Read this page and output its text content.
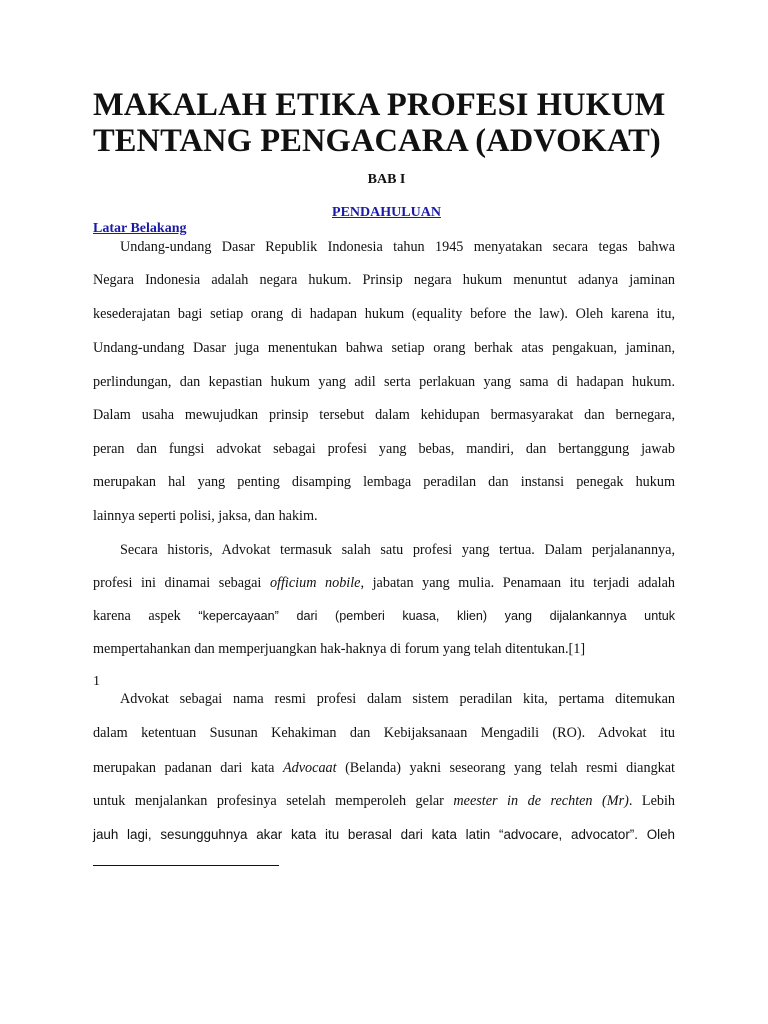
MAKALAH ETIKA PROFESI HUKUM
TENTANG PENGACARA (ADVOKAT)
BAB I
PENDAHULUAN
Latar Belakang
Undang-undang Dasar Republik Indonesia tahun 1945 menyatakan secara tegas bahwa
Negara Indonesia adalah negara hukum. Prinsip negara hukum menuntut adanya jaminan
kesederajatan bagi setiap orang di hadapan hukum (equality before the law). Oleh karena itu,
Undang-undang Dasar juga menentukan bahwa setiap orang berhak atas pengakuan, jaminan,
perlindungan, dan kepastian hukum yang adil serta perlakuan yang sama di hadapan hukum.
Dalam usaha mewujudkan prinsip tersebut dalam kehidupan bermasyarakat dan bernegara,
peran dan fungsi advokat sebagai profesi yang bebas, mandiri, dan bertanggung jawab
merupakan hal yang penting disamping lembaga peradilan dan instansi penegak hukum
lainnya seperti polisi, jaksa, dan hakim.
Secara historis, Advokat termasuk salah satu profesi yang tertua. Dalam perjalanannya,
profesi ini dinamai sebagai officium nobile, jabatan yang mulia. Penamaan itu terjadi adalah
karena aspek “kepercayaan” dari (pemberi kuasa, klien) yang dijalankannya untuk
mempertahankan dan memperjuangkan hak-haknya di forum yang telah ditentukan.[1]
1
Advokat sebagai nama resmi profesi dalam sistem peradilan kita, pertama ditemukan
dalam ketentuan Susunan Kehakiman dan Kebijaksanaan Mengadili (RO). Advokat itu
merupakan padanan dari kata Advocaat (Belanda) yakni seseorang yang telah resmi diangkat
untuk menjalankan profesinya setelah memperoleh gelar meester in de rechten (Mr). Lebih
jauh lagi, sesungguhnya akar kata itu berasal dari kata latin “advocare, advocator”. Oleh
